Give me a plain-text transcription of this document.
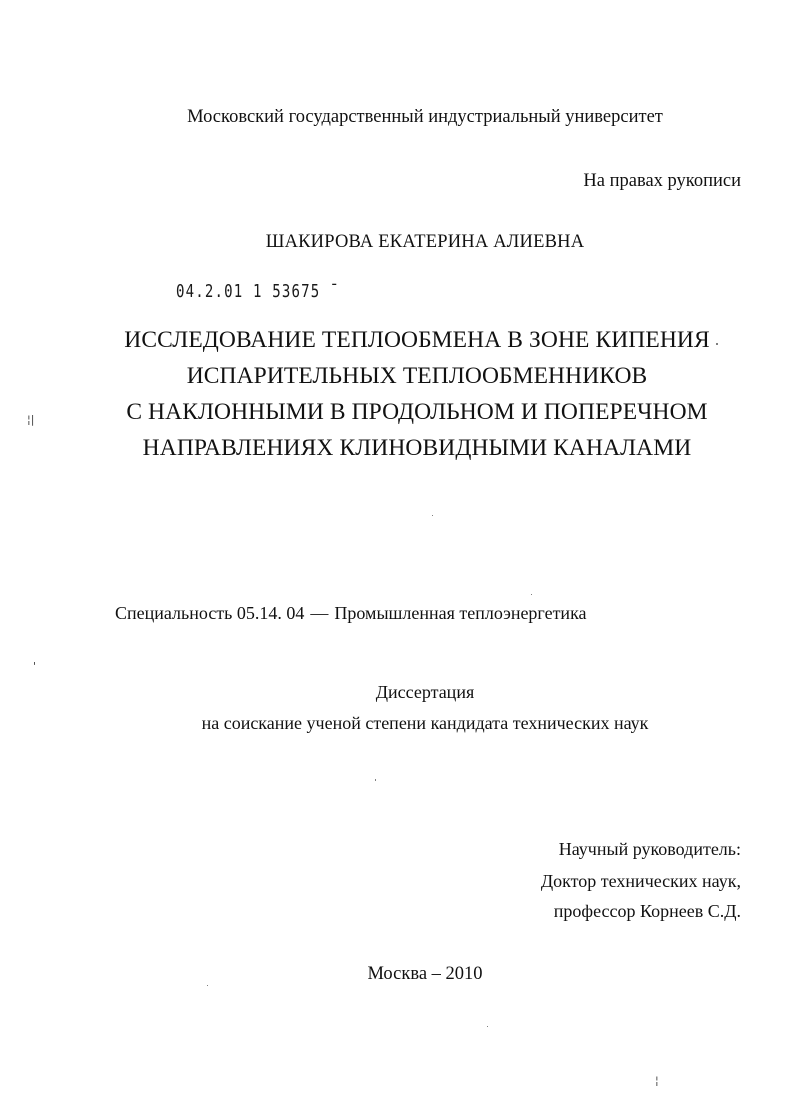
Московский государственный индустриальный университет
На правах рукописи
ШАКИРОВА ЕКАТЕРИНА АЛИЕВНА
04.2.01 1 53675 ˉ
ИССЛЕДОВАНИЕ ТЕПЛООБМЕНА В ЗОНЕ КИПЕНИЯ
ИСПАРИТЕЛЬНЫХ ТЕПЛООБМЕННИКОВ
С НАКЛОННЫМИ В ПРОДОЛЬНОМ И ПОПЕРЕЧНОМ
НАПРАВЛЕНИЯХ КЛИНОВИДНЫМИ КАНАЛАМИ
Специальность 05.14. 04 — Промышленная теплоэнергетика
Диссертация
на соискание ученой степени кандидата технических наук
Научный руководитель:
Доктор технических наук,
профессор Корнеев С.Д.
Москва – 2010
¦|
'
¦
